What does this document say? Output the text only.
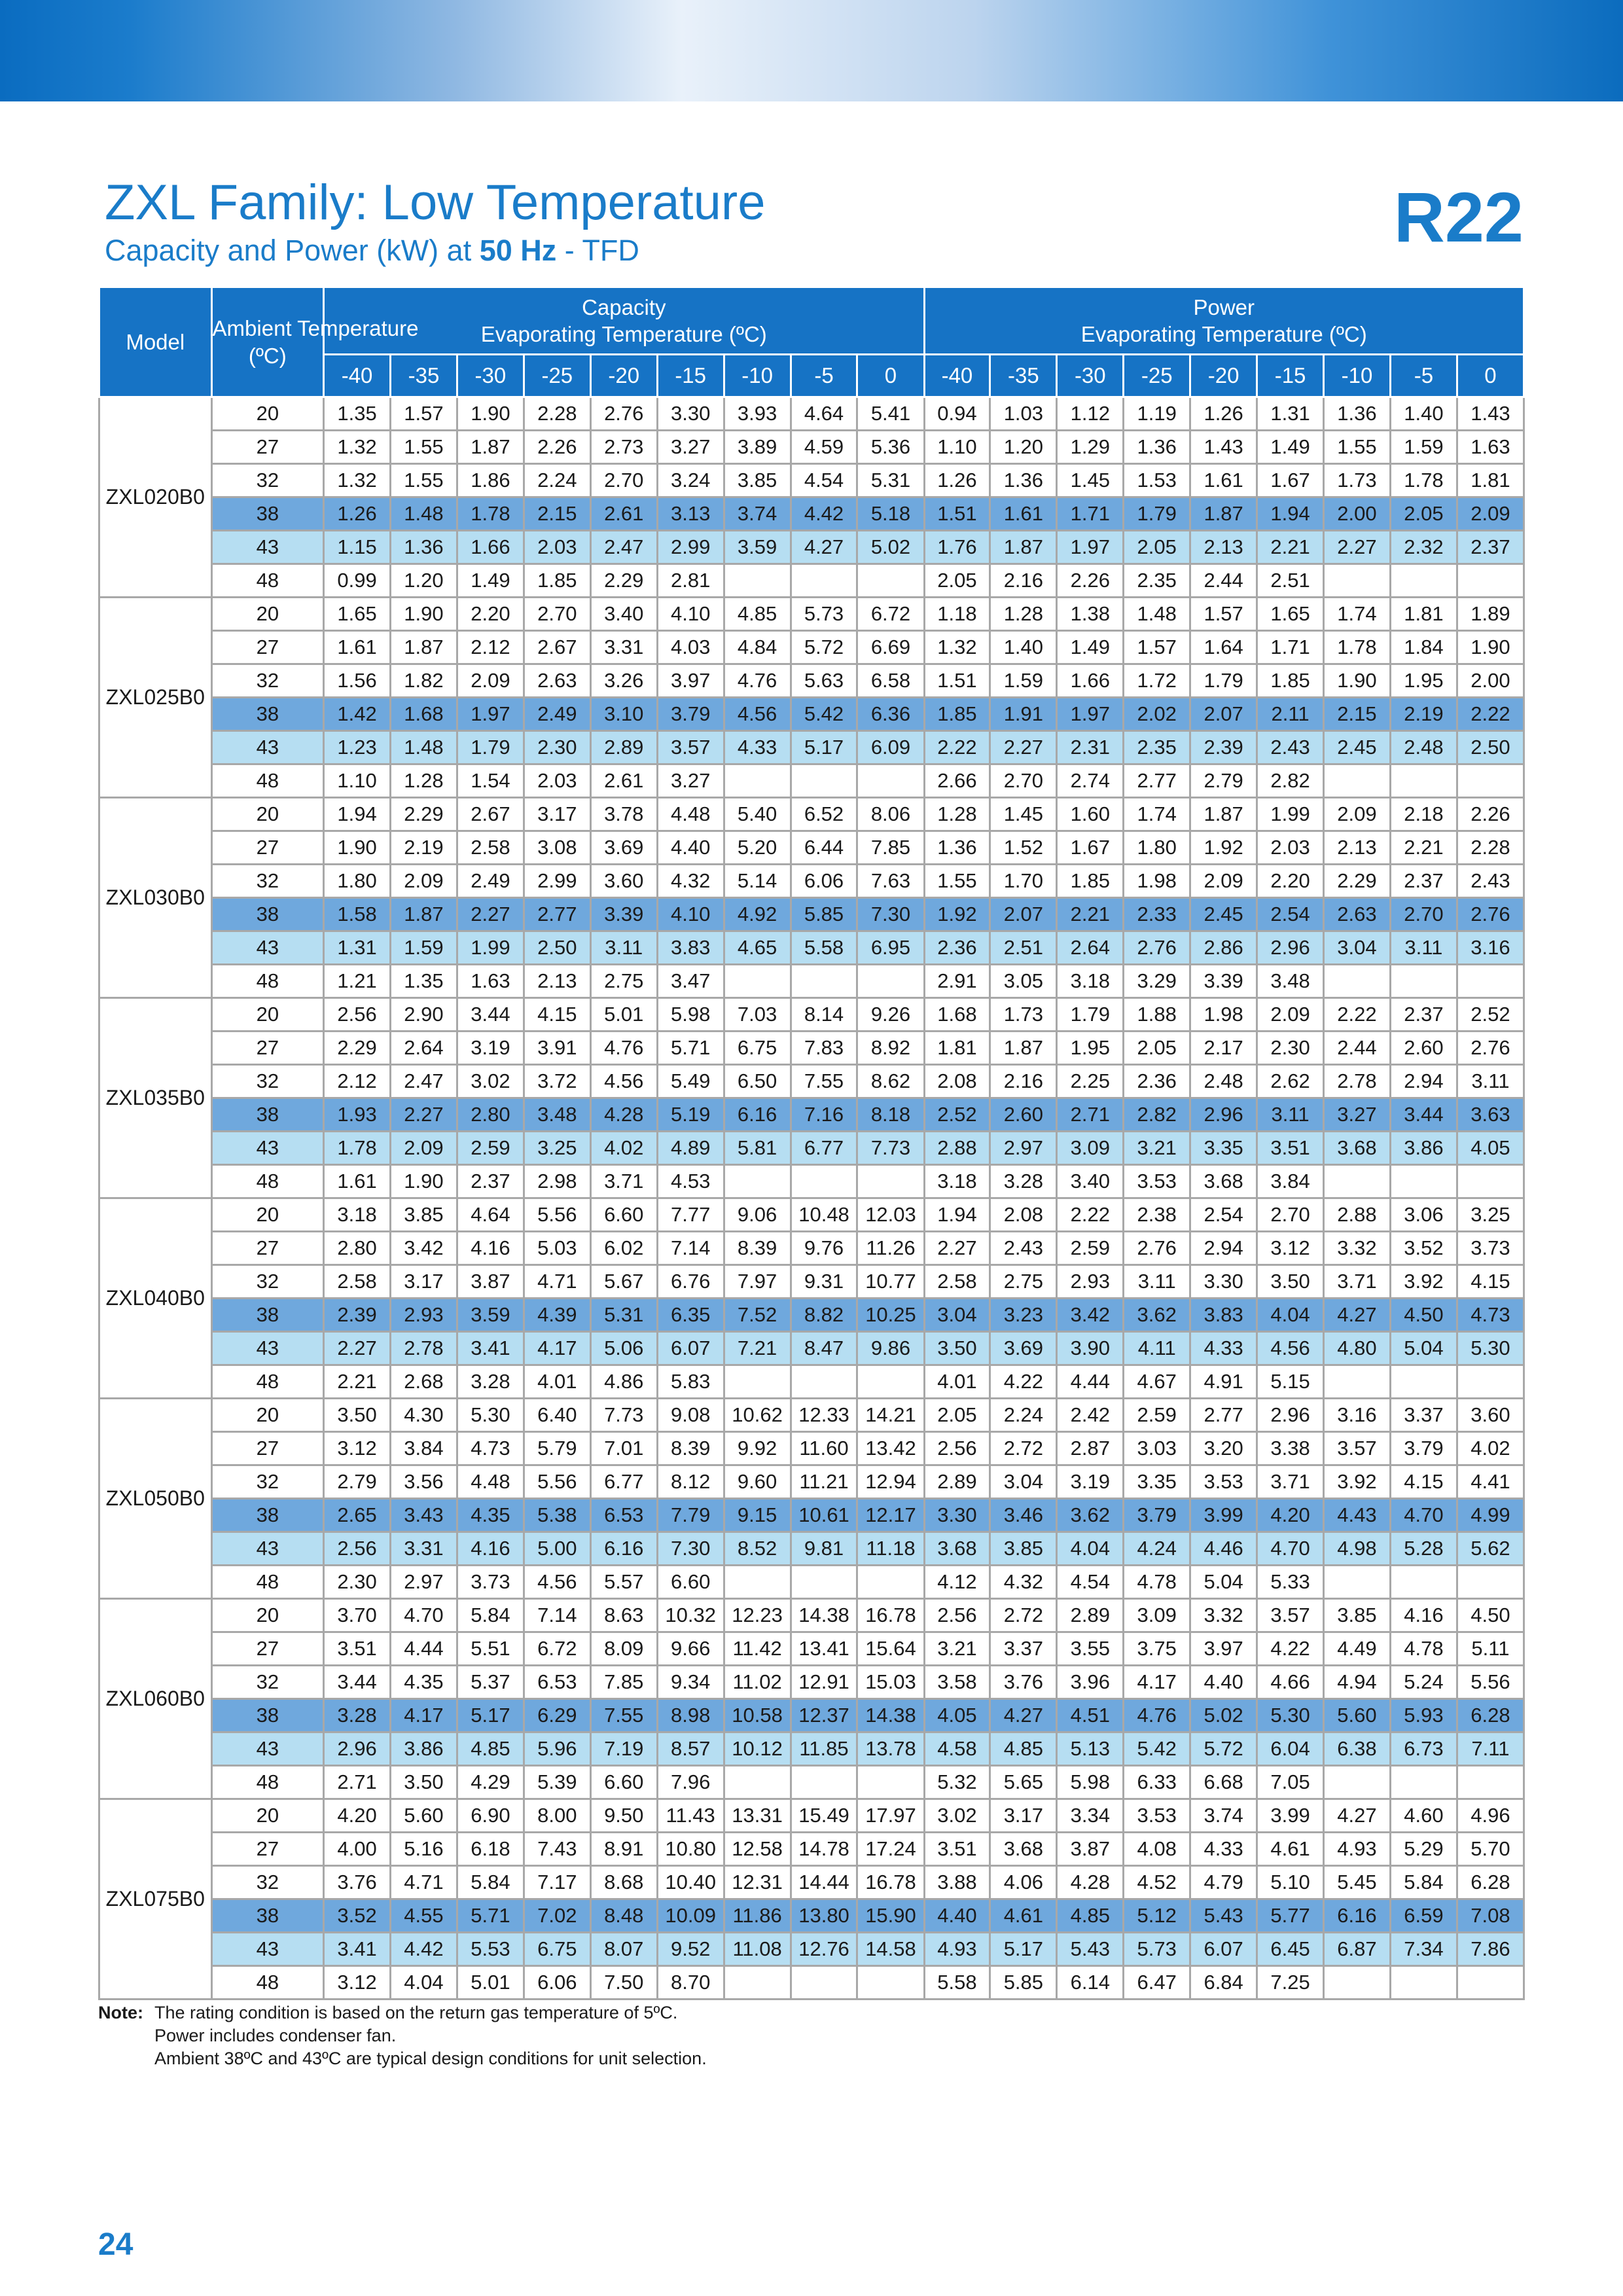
ZXL Family: Low Temperature
Capacity and Power (kW) at 50 Hz - TFD	R22
Model	Ambient Temperature
(ºC)	Capacity
Evaporating Temperature (ºC)									Power
Evaporating Temperature (ºC)								
		-40	-35	-30	-25	-20	-15	-10	-5	0	-40	-35	-30	-25	-20	-15	-10	-5	0
ZXL020B0	20	1.35	1.57	1.90	2.28	2.76	3.30	3.93	4.64	5.41	0.94	1.03	1.12	1.19	1.26	1.31	1.36	1.40	1.43
	27	1.32	1.55	1.87	2.26	2.73	3.27	3.89	4.59	5.36	1.10	1.20	1.29	1.36	1.43	1.49	1.55	1.59	1.63
	32	1.32	1.55	1.86	2.24	2.70	3.24	3.85	4.54	5.31	1.26	1.36	1.45	1.53	1.61	1.67	1.73	1.78	1.81
	38	1.26	1.48	1.78	2.15	2.61	3.13	3.74	4.42	5.18	1.51	1.61	1.71	1.79	1.87	1.94	2.00	2.05	2.09
	43	1.15	1.36	1.66	2.03	2.47	2.99	3.59	4.27	5.02	1.76	1.87	1.97	2.05	2.13	2.21	2.27	2.32	2.37
	48	0.99	1.20	1.49	1.85	2.29	2.81				2.05	2.16	2.26	2.35	2.44	2.51			
ZXL025B0	20	1.65	1.90	2.20	2.70	3.40	4.10	4.85	5.73	6.72	1.18	1.28	1.38	1.48	1.57	1.65	1.74	1.81	1.89
	27	1.61	1.87	2.12	2.67	3.31	4.03	4.84	5.72	6.69	1.32	1.40	1.49	1.57	1.64	1.71	1.78	1.84	1.90
	32	1.56	1.82	2.09	2.63	3.26	3.97	4.76	5.63	6.58	1.51	1.59	1.66	1.72	1.79	1.85	1.90	1.95	2.00
	38	1.42	1.68	1.97	2.49	3.10	3.79	4.56	5.42	6.36	1.85	1.91	1.97	2.02	2.07	2.11	2.15	2.19	2.22
	43	1.23	1.48	1.79	2.30	2.89	3.57	4.33	5.17	6.09	2.22	2.27	2.31	2.35	2.39	2.43	2.45	2.48	2.50
	48	1.10	1.28	1.54	2.03	2.61	3.27				2.66	2.70	2.74	2.77	2.79	2.82			
ZXL030B0	20	1.94	2.29	2.67	3.17	3.78	4.48	5.40	6.52	8.06	1.28	1.45	1.60	1.74	1.87	1.99	2.09	2.18	2.26
	27	1.90	2.19	2.58	3.08	3.69	4.40	5.20	6.44	7.85	1.36	1.52	1.67	1.80	1.92	2.03	2.13	2.21	2.28
	32	1.80	2.09	2.49	2.99	3.60	4.32	5.14	6.06	7.63	1.55	1.70	1.85	1.98	2.09	2.20	2.29	2.37	2.43
	38	1.58	1.87	2.27	2.77	3.39	4.10	4.92	5.85	7.30	1.92	2.07	2.21	2.33	2.45	2.54	2.63	2.70	2.76
	43	1.31	1.59	1.99	2.50	3.11	3.83	4.65	5.58	6.95	2.36	2.51	2.64	2.76	2.86	2.96	3.04	3.11	3.16
	48	1.21	1.35	1.63	2.13	2.75	3.47				2.91	3.05	3.18	3.29	3.39	3.48			
ZXL035B0	20	2.56	2.90	3.44	4.15	5.01	5.98	7.03	8.14	9.26	1.68	1.73	1.79	1.88	1.98	2.09	2.22	2.37	2.52
	27	2.29	2.64	3.19	3.91	4.76	5.71	6.75	7.83	8.92	1.81	1.87	1.95	2.05	2.17	2.30	2.44	2.60	2.76
	32	2.12	2.47	3.02	3.72	4.56	5.49	6.50	7.55	8.62	2.08	2.16	2.25	2.36	2.48	2.62	2.78	2.94	3.11
	38	1.93	2.27	2.80	3.48	4.28	5.19	6.16	7.16	8.18	2.52	2.60	2.71	2.82	2.96	3.11	3.27	3.44	3.63
	43	1.78	2.09	2.59	3.25	4.02	4.89	5.81	6.77	7.73	2.88	2.97	3.09	3.21	3.35	3.51	3.68	3.86	4.05
	48	1.61	1.90	2.37	2.98	3.71	4.53				3.18	3.28	3.40	3.53	3.68	3.84			
ZXL040B0	20	3.18	3.85	4.64	5.56	6.60	7.77	9.06	10.48	12.03	1.94	2.08	2.22	2.38	2.54	2.70	2.88	3.06	3.25
	27	2.80	3.42	4.16	5.03	6.02	7.14	8.39	9.76	11.26	2.27	2.43	2.59	2.76	2.94	3.12	3.32	3.52	3.73
	32	2.58	3.17	3.87	4.71	5.67	6.76	7.97	9.31	10.77	2.58	2.75	2.93	3.11	3.30	3.50	3.71	3.92	4.15
	38	2.39	2.93	3.59	4.39	5.31	6.35	7.52	8.82	10.25	3.04	3.23	3.42	3.62	3.83	4.04	4.27	4.50	4.73
	43	2.27	2.78	3.41	4.17	5.06	6.07	7.21	8.47	9.86	3.50	3.69	3.90	4.11	4.33	4.56	4.80	5.04	5.30
	48	2.21	2.68	3.28	4.01	4.86	5.83				4.01	4.22	4.44	4.67	4.91	5.15			
ZXL050B0	20	3.50	4.30	5.30	6.40	7.73	9.08	10.62	12.33	14.21	2.05	2.24	2.42	2.59	2.77	2.96	3.16	3.37	3.60
	27	3.12	3.84	4.73	5.79	7.01	8.39	9.92	11.60	13.42	2.56	2.72	2.87	3.03	3.20	3.38	3.57	3.79	4.02
	32	2.79	3.56	4.48	5.56	6.77	8.12	9.60	11.21	12.94	2.89	3.04	3.19	3.35	3.53	3.71	3.92	4.15	4.41
	38	2.65	3.43	4.35	5.38	6.53	7.79	9.15	10.61	12.17	3.30	3.46	3.62	3.79	3.99	4.20	4.43	4.70	4.99
	43	2.56	3.31	4.16	5.00	6.16	7.30	8.52	9.81	11.18	3.68	3.85	4.04	4.24	4.46	4.70	4.98	5.28	5.62
	48	2.30	2.97	3.73	4.56	5.57	6.60				4.12	4.32	4.54	4.78	5.04	5.33			
ZXL060B0	20	3.70	4.70	5.84	7.14	8.63	10.32	12.23	14.38	16.78	2.56	2.72	2.89	3.09	3.32	3.57	3.85	4.16	4.50
	27	3.51	4.44	5.51	6.72	8.09	9.66	11.42	13.41	15.64	3.21	3.37	3.55	3.75	3.97	4.22	4.49	4.78	5.11
	32	3.44	4.35	5.37	6.53	7.85	9.34	11.02	12.91	15.03	3.58	3.76	3.96	4.17	4.40	4.66	4.94	5.24	5.56
	38	3.28	4.17	5.17	6.29	7.55	8.98	10.58	12.37	14.38	4.05	4.27	4.51	4.76	5.02	5.30	5.60	5.93	6.28
	43	2.96	3.86	4.85	5.96	7.19	8.57	10.12	11.85	13.78	4.58	4.85	5.13	5.42	5.72	6.04	6.38	6.73	7.11
	48	2.71	3.50	4.29	5.39	6.60	7.96				5.32	5.65	5.98	6.33	6.68	7.05			
ZXL075B0	20	4.20	5.60	6.90	8.00	9.50	11.43	13.31	15.49	17.97	3.02	3.17	3.34	3.53	3.74	3.99	4.27	4.60	4.96
	27	4.00	5.16	6.18	7.43	8.91	10.80	12.58	14.78	17.24	3.51	3.68	3.87	4.08	4.33	4.61	4.93	5.29	5.70
	32	3.76	4.71	5.84	7.17	8.68	10.40	12.31	14.44	16.78	3.88	4.06	4.28	4.52	4.79	5.10	5.45	5.84	6.28
	38	3.52	4.55	5.71	7.02	8.48	10.09	11.86	13.80	15.90	4.40	4.61	4.85	5.12	5.43	5.77	6.16	6.59	7.08
	43	3.41	4.42	5.53	6.75	8.07	9.52	11.08	12.76	14.58	4.93	5.17	5.43	5.73	6.07	6.45	6.87	7.34	7.86
	48	3.12	4.04	5.01	6.06	7.50	8.70				5.58	5.85	6.14	6.47	6.84	7.25			
Note: The rating condition is based on the return gas temperature of 5ºC.
Power includes condenser fan.
Ambient 38ºC and 43ºC are typical design conditions for unit selection.
24
